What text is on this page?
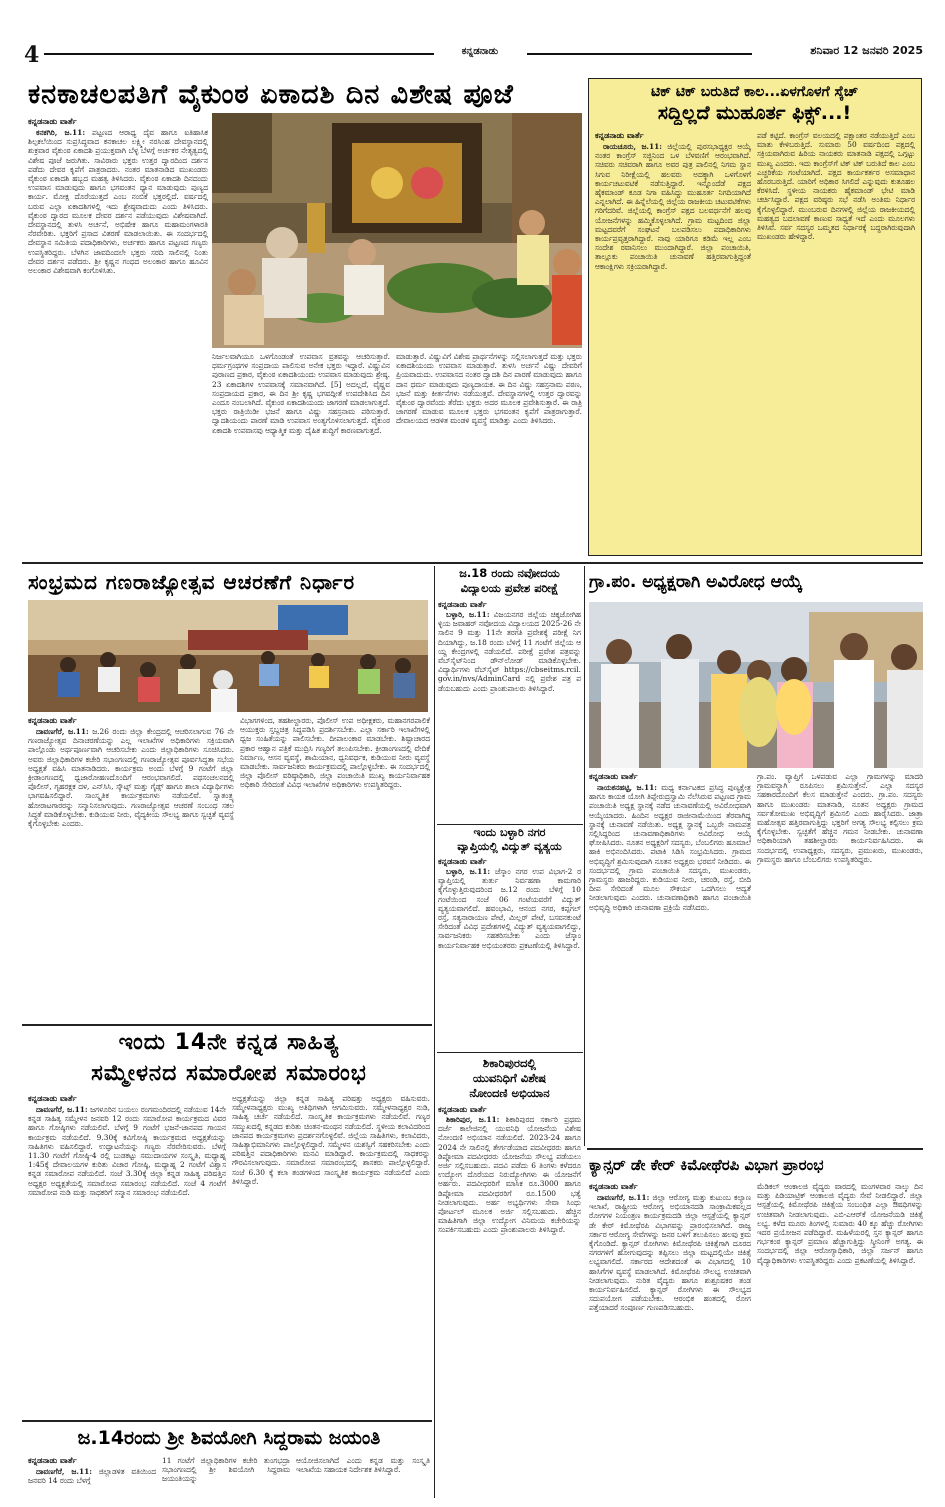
4	ಕನ್ನಡನಾಡು	ಶನಿವಾರ 12 ಜನವರಿ 2025
ಕನಕಾಚಲಪತಿಗೆ ವೈಕುಂಠ ಏಕಾದಶಿ ದಿನ ವಿಶೇಷ ಪೂಜೆ
ಕನ್ನಡನಾಡು ವಾರ್ತೆ

ಕನಕಗಿರಿ, ಜ.11: ಪಟ್ಟಣದ ಆರಾಧ್ಯ ದೈವ ಹಾಗೂ ಐತಿಹಾಸಿಕ ಶಿಲ್ಪಕಲೆಯಿಂದ ಸುಪ್ರಸಿದ್ಧವಾದ ಕನಕಾಚಲ ಲಕ್ಷ್ಮೀ ನರಸಿಂಹ ದೇವಸ್ಥಾನದಲ್ಲಿ ಶುಕ್ರವಾರ ವೈಕುಂಠ ಏಕಾದಶಿ ಪ್ರಯುಕ್ತವಾಗಿ ಬೆಳ್ಳ ಬೆಳಗ್ಗೆ ಅರ್ಚಕರ ನೇತೃತ್ವದಲ್ಲಿ ವಿಶೇಷ ಪೂಜೆ ಜರುಗಿತು. ಸಾವಿರಾರು ಭಕ್ತರು ಉತ್ತರ ದ್ವಾರದಿಂದ ದರ್ಶನ ಪಡೆದು ದೇವರ ಕೃಪೆಗೆ ಪಾತ್ರರಾದರು. ನಂತರ ಮಾತನಾಡಿದ ಮುಖಂಡರು ವೈಕುಂಠ ಏಕಾದಶಿ ಹಬ್ಬದ ಮಹತ್ವ ತಿಳಿಸಿದರು. ವೈಕುಂಠ ಏಕಾದಶಿ ದಿನದಂದು ಉಪವಾಸ ಮಾಡುವುದು ಹಾಗೂ ಭಗವಂತನ ಧ್ಯಾನ ಮಾಡುವುದು ಪುಣ್ಯದ ಕಾರ್ಯ. ಮೋಕ್ಷ ದೊರೆಯುತ್ತದೆ ಎಂಬ ನಂಬಿಕೆ ಭಕ್ತರಲ್ಲಿದೆ. ವರ್ಷದಲ್ಲಿ ಬರುವ ಎಲ್ಲಾ ಏಕಾದಶಿಗಳಲ್ಲಿ ಇದು ಶ್ರೇಷ್ಠವಾದುದು ಎಂದು ತಿಳಿಸಿದರು. ವೈಕುಂಠ ದ್ವಾರದ ಮೂಲಕ ದೇವರ ದರ್ಶನ ಪಡೆಯುವುದು ವಿಶೇಷವಾಗಿದೆ. ದೇವಸ್ಥಾನದಲ್ಲಿ ತುಳಸಿ ಅರ್ಚನೆ, ಅಭಿಷೇಕ ಹಾಗೂ ಮಹಾಮಂಗಳಾರತಿ ನೆರವೇರಿತು. ಭಕ್ತರಿಗೆ ಪ್ರಸಾದ ವಿತರಣೆ ಮಾಡಲಾಯಿತು. ಈ ಸಂದರ್ಭದಲ್ಲಿ ದೇವಸ್ಥಾನ ಸಮಿತಿಯ ಪದಾಧಿಕಾರಿಗಳು, ಅರ್ಚಕರು ಹಾಗೂ ಪಟ್ಟಣದ ಗಣ್ಯರು ಉಪಸ್ಥಿತರಿದ್ದರು. ಬೆಳಗಿನ ಜಾವದಿಂದಲೇ ಭಕ್ತರು ಸರದಿ ಸಾಲಿನಲ್ಲಿ ನಿಂತು ದೇವರ ದರ್ಶನ ಪಡೆದರು. ಶ್ರೀ ಕೃಷ್ಣನ ಗಂಧದ ಅಲಂಕಾರ ಹಾಗೂ ಹೂವಿನ ಅಲಂಕಾರ ವಿಶೇಷವಾಗಿ ಕಂಗೊಳಿಸಿತು.

ನಿರ್ಜಲವಾಗಿಯೂ ಒಳಗೊಂಡಂತೆ ಉಪವಾಸ ವ್ರತವನ್ನು ಆಚರಿಸುತ್ತಾರೆ. ಧರ್ಮಗ್ರಂಥಗಳ ಸಂಪ್ರದಾಯ ಪಾಲಿಸುವ ಅನೇಕ ಭಕ್ತರು ಇದ್ದಾರೆ. ವಿಷ್ಣುವಿನ ಪುರಾಣದ ಪ್ರಕಾರ, ವೈಕುಂಠ ಏಕಾದಶಿಯಂದು ಉಪವಾಸ ಮಾಡುವುದು ಶ್ರೇಷ್ಠ. 23 ಏಕಾದಶಿಗಳ ಉಪವಾಸಕ್ಕೆ ಸಮಾನವಾಗಿದೆ. [5] ಅದಲ್ಲದೆ, ವೈಷ್ಣವ ಸಂಪ್ರದಾಯದ ಪ್ರಕಾರ, ಈ ದಿನ ಶ್ರೀ ಕೃಷ್ಣ ಭಗವದ್ಗೀತೆ ಉಪದೇಶಿಸಿದ ದಿನ ಎಂದೂ ನಂಬಲಾಗಿದೆ. ವೈಕುಂಠ ಏಕಾದಶಿಯಂದು ಜಾಗರಣೆ ಮಾಡಲಾಗುತ್ತದೆ. ಭಕ್ತರು ರಾತ್ರಿಯಿಡೀ ಭಜನೆ ಹಾಗೂ ವಿಷ್ಣು ಸಹಸ್ರನಾಮ ಪಠಿಸುತ್ತಾರೆ. ದ್ವಾದಶಿಯಂದು ಪಾರಣೆ ಮಾಡಿ ಉಪವಾಸ ಅಂತ್ಯಗೊಳಿಸಲಾಗುತ್ತದೆ. ವೈಕುಂಠ ಏಕಾದಶಿ ಉಪವಾಸವು ಆಧ್ಯಾತ್ಮಿಕ ಮತ್ತು ದೈಹಿಕ ಶುದ್ಧಿಗೆ ಕಾರಣವಾಗುತ್ತದೆ.
ಮಾಡುತ್ತಾರೆ. ವಿಷ್ಣುವಿಗೆ ವಿಶೇಷ ಪ್ರಾರ್ಥನೆಗಳನ್ನು ಸಲ್ಲಿಸಲಾಗುತ್ತದೆ ಮತ್ತು ಭಕ್ತರು ಏಕಾದಶಿಯಂದು ಉಪವಾಸ ಮಾಡುತ್ತಾರೆ. ತುಳಸಿ ಅರ್ಚನೆ ವಿಷ್ಣು ದೇವರಿಗೆ ಪ್ರಿಯವಾದುದು. ಉಪವಾಸದ ನಂತರ ದ್ವಾದಶಿ ದಿನ ಪಾರಣೆ ಮಾಡುವುದು ಹಾಗೂ ದಾನ ಧರ್ಮ ಮಾಡುವುದು ಪುಣ್ಯದಾಯಕ. ಈ ದಿನ ವಿಷ್ಣು ಸಹಸ್ರನಾಮ ಪಠಣ, ಭಜನೆ ಮತ್ತು ಕೀರ್ತನೆಗಳು ನಡೆಯುತ್ತವೆ. ದೇವಸ್ಥಾನಗಳಲ್ಲಿ ಉತ್ತರ ದ್ವಾರವನ್ನು ವೈಕುಂಠ ದ್ವಾರವೆಂದು ತೆರೆದು ಭಕ್ತರು ಅದರ ಮೂಲಕ ಪ್ರವೇಶಿಸುತ್ತಾರೆ. ಈ ರಾತ್ರಿ ಜಾಗರಣೆ ಮಾಡುವ ಮೂಲಕ ಭಕ್ತರು ಭಗವಂತನ ಕೃಪೆಗೆ ಪಾತ್ರರಾಗುತ್ತಾರೆ. ದೇವಾಲಯದ ಆಡಳಿತ ಮಂಡಳಿ ವ್ಯವಸ್ಥೆ ಮಾಡಿತ್ತು ಎಂದು ತಿಳಿಸಿದರು.
ಟಿಕ್ ಟಿಕ್ ಬರುತಿದೆ ಕಾಲ...ಏಳಗೊಳಗೆ ಸ್ಕೆಚ್
ಸದ್ದಿಲ್ಲದೆ ಮುಹೂರ್ತ ಫಿಕ್ಸ್...!
ಕನ್ನಡನಾಡು ವಾರ್ತೆ

ರಾಯಚೂರು, ಜ.11: ಜಿಲ್ಲೆಯಲ್ಲಿ ಪುರಸಭಾಧ್ಯಕ್ಷರ ಆಯ್ಕೆ ನಂತರ ಕಾಂಗ್ರೆಸ್ ಸಜ್ಜಿನಿಂದ ಒಳ ಬೆಳವಣಿಗೆ ಆರಂಭವಾಗಿದೆ. ಸಚಿವರು ಸಚಿವರಾಗಿ ಹಾಗೂ ಅವರ ಪುತ್ರ ಪಾಲಿನಲ್ಲಿ ನಿಗಮ ಸ್ಥಾನ ಸಿಗುವ ನಿರೀಕ್ಷೆಯಲ್ಲಿ ಹಲವರು ಅದಕ್ಕಾಗಿ ಒಳಗೊಳಗೆ ಕಾರ್ಯಚಟುವಟಿಕೆ ನಡೆಸುತ್ತಿದ್ದಾರೆ. ಇನ್ನೊಂದೆಡೆ ಪಕ್ಷದ ಹೈಕಮಾಂಡ್ ಕೂಡ ನಿಗಾ ವಹಿಸಿದ್ದು ಮುಹೂರ್ತ ನಿಗದಿಯಾಗಿದೆ ಎನ್ನಲಾಗಿದೆ. ಈ ಹಿನ್ನೆಲೆಯಲ್ಲಿ ಜಿಲ್ಲೆಯ ರಾಜಕೀಯ ಚಟುವಟಿಕೆಗಳು ಗರಿಗೆದರಿವೆ. ಜಿಲ್ಲೆಯಲ್ಲಿ ಕಾಂಗ್ರೆಸ್ ಪಕ್ಷದ ಬಲವರ್ಧನೆಗೆ ಹಲವು ಯೋಜನೆಗಳನ್ನು ಹಮ್ಮಿಕೊಳ್ಳಲಾಗಿದೆ. ಗ್ರಾಮ ಮಟ್ಟದಿಂದ ಜಿಲ್ಲಾ ಮಟ್ಟದವರೆಗೆ ಸಂಘಟನೆ ಬಲಪಡಿಸಲು ಪದಾಧಿಕಾರಿಗಳು ಕಾರ್ಯಪ್ರವೃತ್ತರಾಗಿದ್ದಾರೆ. ನಾವು ಯಾರಿಗೂ ಕಡಿಮೆ ಇಲ್ಲ ಎಂಬ ಸಂದೇಶ ರವಾನಿಸಲು ಮುಂದಾಗಿದ್ದಾರೆ. ಜಿಲ್ಲಾ ಪಂಚಾಯಿತಿ, ತಾಲ್ಲೂಕು ಪಂಚಾಯಿತಿ ಚುನಾವಣೆ ಹತ್ತಿರವಾಗುತ್ತಿದ್ದಂತೆ ಆಕಾಂಕ್ಷಿಗಳು ಸಕ್ರಿಯರಾಗಿದ್ದಾರೆ.

ಪಡೆ ಕಟ್ಟಿದೆ. ಕಾಂಗ್ರೆಸ್ ವಲಯದಲ್ಲಿ ಪಕ್ಷಾಂತರ ನಡೆಯುತ್ತಿದೆ ಎಂಬ ಮಾತು ಕೇಳಿಬರುತ್ತಿದೆ. ಸುಮಾರು 50 ವರ್ಷದಿಂದ ಪಕ್ಷದಲ್ಲಿ ಸಕ್ರಿಯವಾಗಿರುವ ಹಿರಿಯ ನಾಯಕರು ಮಾತನಾಡಿ ಪಕ್ಷದಲ್ಲಿ ಒಗ್ಗಟ್ಟು ಮುಖ್ಯ ಎಂದರು. ಇದು ಕಾಂಗ್ರೆಸ್‌ಗೆ ಟಿಕ್ ಟಿಕ್ ಬರುತಿದೆ ಕಾಲ ಎಂಬ ಎಚ್ಚರಿಕೆಯ ಗಂಟೆಯಾಗಿದೆ. ಪಕ್ಷದ ಕಾರ್ಯಕರ್ತರ ಅಸಮಾಧಾನ ಹೊರಬರುತ್ತಿದೆ. ಯಾರಿಗೆ ಅಧಿಕಾರ ಸಿಗಲಿದೆ ಎನ್ನುವುದು ಕುತೂಹಲ ಕೆರಳಿಸಿದೆ. ಸ್ಥಳೀಯ ನಾಯಕರು ಹೈಕಮಾಂಡ್ ಭೇಟಿ ಮಾಡಿ ಚರ್ಚಿಸಿದ್ದಾರೆ. ಪಕ್ಷದ ವರಿಷ್ಠರು ಸಭೆ ನಡೆಸಿ ಅಂತಿಮ ನಿರ್ಧಾರ ಕೈಗೊಳ್ಳಲಿದ್ದಾರೆ. ಮುಂಬರುವ ದಿನಗಳಲ್ಲಿ ಜಿಲ್ಲೆಯ ರಾಜಕೀಯದಲ್ಲಿ ಮಹತ್ವದ ಬದಲಾವಣೆ ಕಾಣುವ ಸಾಧ್ಯತೆ ಇದೆ ಎಂದು ಮೂಲಗಳು ತಿಳಿಸಿವೆ. ಸರ್ವ ಸದಸ್ಯರ ಒಮ್ಮತದ ನಿರ್ಧಾರಕ್ಕೆ ಬದ್ಧರಾಗಿರುವುದಾಗಿ ಮುಖಂಡರು ಹೇಳಿದ್ದಾರೆ.
ಸಂಭ್ರಮದ ಗಣರಾಜ್ಯೋತ್ಸವ ಆಚರಣೆಗೆ ನಿರ್ಧಾರ
ಕನ್ನಡನಾಡು ವಾರ್ತೆ

ದಾವಣಗೆರೆ, ಜ.11: ಜ.26 ರಂದು ಜಿಲ್ಲಾ ಕೇಂದ್ರದಲ್ಲಿ ಆಚರಿಸಲಾಗುವ 76 ನೇ ಗಣರಾಜ್ಯೋತ್ಸವ ದಿನಾಚರಣೆಯನ್ನು ಎಲ್ಲ ಇಲಾಖೆಗಳ ಅಧಿಕಾರಿಗಳು ಸಕ್ರಿಯವಾಗಿ ಪಾಲ್ಗೊಂಡು ಅರ್ಥಪೂರ್ಣವಾಗಿ ಆಚರಿಸಬೇಕು ಎಂದು ಜಿಲ್ಲಾಧಿಕಾರಿಗಳು ಸೂಚಿಸಿದರು. ಅವರು ಜಿಲ್ಲಾಧಿಕಾರಿಗಳ ಕಚೇರಿ ಸಭಾಂಗಣದಲ್ಲಿ ಗಣರಾಜ್ಯೋತ್ಸವ ಪೂರ್ವಸಿದ್ಧತಾ ಸಭೆಯ ಅಧ್ಯಕ್ಷತೆ ವಹಿಸಿ ಮಾತನಾಡಿದರು. ಕಾರ್ಯಕ್ರಮ ಅಂದು ಬೆಳಗ್ಗೆ 9 ಗಂಟೆಗೆ ಜಿಲ್ಲಾ ಕ್ರೀಡಾಂಗಣದಲ್ಲಿ ಧ್ವಜಾರೋಹಣದೊಂದಿಗೆ ಆರಂಭವಾಗಲಿದೆ. ಪಥಸಂಚಲನದಲ್ಲಿ ಪೊಲೀಸ್, ಗೃಹರಕ್ಷಕ ದಳ, ಎನ್‌ಸಿಸಿ, ಸ್ಕೌಟ್ಸ್ ಮತ್ತು ಗೈಡ್ಸ್ ಹಾಗೂ ಶಾಲಾ ವಿದ್ಯಾರ್ಥಿಗಳು ಭಾಗವಹಿಸಲಿದ್ದಾರೆ. ಸಾಂಸ್ಕೃತಿಕ ಕಾರ್ಯಕ್ರಮಗಳು ನಡೆಯಲಿವೆ. ಸ್ವಾತಂತ್ರ್ಯ ಹೋರಾಟಗಾರರನ್ನು ಸನ್ಮಾನಿಸಲಾಗುವುದು. ಗಣರಾಜ್ಯೋತ್ಸವ ಆಚರಣೆ ಸಂಬಂಧ ಸಕಲ ಸಿದ್ಧತೆ ಮಾಡಿಕೊಳ್ಳಬೇಕು. ಕುಡಿಯುವ ನೀರು, ವೈದ್ಯಕೀಯ ಸೌಲಭ್ಯ ಹಾಗೂ ಸ್ವಚ್ಛತೆ ವ್ಯವಸ್ಥೆ ಕೈಗೊಳ್ಳಬೇಕು ಎಂದರು.

ವಿಭಾಗಗಳಿಂದ, ತಹಶೀಲ್ದಾರರು, ಪೊಲೀಸ್ ಉಪ ಅಧೀಕ್ಷಕರು, ಮಹಾನಗರಪಾಲಿಕೆ ಆಯುಕ್ತರು ಸ್ತಬ್ದಚಿತ್ರ ಸಿದ್ಧಪಡಿಸಿ ಪ್ರದರ್ಶಿಸಬೇಕು. ಎಲ್ಲಾ ಸರ್ಕಾರಿ ಇಲಾಖೆಗಳಲ್ಲಿ ಧ್ವಜ ಸಂಹಿತೆಯನ್ನು ಪಾಲಿಸಬೇಕು. ದೀಪಾಲಂಕಾರ ಮಾಡಬೇಕು. ಶಿಷ್ಟಾಚಾರದ ಪ್ರಕಾರ ಆಹ್ವಾನ ಪತ್ರಿಕೆ ಮುದ್ರಿಸಿ ಗಣ್ಯರಿಗೆ ತಲುಪಿಸಬೇಕು. ಕ್ರೀಡಾಂಗಣದಲ್ಲಿ ವೇದಿಕೆ ನಿರ್ಮಾಣ, ಆಸನ ವ್ಯವಸ್ಥೆ, ಶಾಮಿಯಾನ, ಧ್ವನಿವರ್ಧಕ, ಕುಡಿಯುವ ನೀರು ವ್ಯವಸ್ಥೆ ಮಾಡಬೇಕು. ಸಾರ್ವಜನಿಕರು ಕಾರ್ಯಕ್ರಮದಲ್ಲಿ ಪಾಲ್ಗೊಳ್ಳಬೇಕು. ಈ ಸಂದರ್ಭದಲ್ಲಿ ಜಿಲ್ಲಾ ಪೊಲೀಸ್ ವರಿಷ್ಠಾಧಿಕಾರಿ, ಜಿಲ್ಲಾ ಪಂಚಾಯಿತಿ ಮುಖ್ಯ ಕಾರ್ಯನಿರ್ವಾಹಕ ಅಧಿಕಾರಿ ಸೇರಿದಂತೆ ವಿವಿಧ ಇಲಾಖೆಗಳ ಅಧಿಕಾರಿಗಳು ಉಪಸ್ಥಿತರಿದ್ದರು.
ಜ.18 ರಂದು ನವೋದಯ
ವಿದ್ಯಾಲಯ ಪ್ರವೇಶ ಪರೀಕ್ಷೆ
ಕನ್ನಡನಾಡು ವಾರ್ತೆ

ಬಳ್ಳಾರಿ, ಜ.11: ವಿಜಯನಗರ ಜಿಲ್ಲೆಯ ಚಿಕ್ಕಜೋಗಿಹಳ್ಳಿಯ ಜವಾಹರ್ ನವೋದಯ ವಿದ್ಯಾಲಯದ 2025-26 ನೇ ಸಾಲಿನ 9 ಮತ್ತು 11ನೇ ತರಗತಿ ಪ್ರವೇಶಕ್ಕೆ ಪರೀಕ್ಷೆ ನಿಗದಿಯಾಗಿದ್ದು, ಜ.18 ರಂದು ಬೆಳಿಗ್ಗೆ 11 ಗಂಟೆಗೆ ಜಿಲ್ಲೆಯ ಆಯ್ದ ಕೇಂದ್ರಗಳಲ್ಲಿ ನಡೆಯಲಿದೆ. ಪರೀಕ್ಷೆ ಪ್ರವೇಶ ಪತ್ರವನ್ನು ವೆಬ್‌ಸೈಟ್‌ನಿಂದ ಡೌನ್‌ಲೋಡ್ ಮಾಡಿಕೊಳ್ಳಬೇಕು. ವಿದ್ಯಾರ್ಥಿಗಳು ವೆಬ್‌ಸೈಟ್ https://cbseitms.rcil.gov.in/nvs/AdminCard ನಲ್ಲಿ ಪ್ರವೇಶ ಪತ್ರ ಪಡೆಯಬಹುದು ಎಂದು ಪ್ರಾಂಶುಪಾಲರು ತಿಳಿಸಿದ್ದಾರೆ.

ಇಂದು ಬಳ್ಳಾರಿ ನಗರ
ವ್ಯಾಪ್ತಿಯಲ್ಲಿ ವಿದ್ಯುತ್ ವ್ಯತ್ಯಯ
ಕನ್ನಡನಾಡು ವಾರ್ತೆ

ಬಳ್ಳಾರಿ, ಜ.11: ಜೆಸ್ಕಾಂ ನಗರ ಉಪ ವಿಭಾಗ-2 ರ ವ್ಯಾಪ್ತಿಯಲ್ಲಿ ತುರ್ತು ನಿರ್ವಹಣಾ ಕಾಮಗಾರಿ ಕೈಗೊಳ್ಳುತ್ತಿರುವುದರಿಂದ ಜ.12 ರಂದು ಬೆಳಿಗ್ಗೆ 10 ಗಂಟೆಯಿಂದ ಸಂಜೆ 06 ಗಂಟೆಯವರೆಗೆ ವಿದ್ಯುತ್ ವ್ಯತ್ಯಯವಾಗಲಿದೆ. ಹವಂಭಾವಿ, ಆನಂದ ನಗರ, ಕಪ್ಪಗಲ್ ರಸ್ತೆ, ಸತ್ಯನಾರಾಯಣ ಪೇಟೆ, ಮಿಲ್ಲರ್ ಪೇಟೆ, ಬಸವನಕುಂಟೆ ಸೇರಿದಂತೆ ವಿವಿಧ ಪ್ರದೇಶಗಳಲ್ಲಿ ವಿದ್ಯುತ್ ವ್ಯತ್ಯಯವಾಗಲಿದ್ದು, ಸಾರ್ವಜನಿಕರು ಸಹಕರಿಸಬೇಕು ಎಂದು ಜೆಸ್ಕಾಂ ಕಾರ್ಯನಿರ್ವಾಹಕ ಅಭಿಯಂತರರು ಪ್ರಕಟಣೆಯಲ್ಲಿ ತಿಳಿಸಿದ್ದಾರೆ.

ಶಿಕಾರಿಪುರದಲ್ಲಿ
ಯುವನಿಧಿಗೆ ವಿಶೇಷ
ನೋಂದಣಿ ಅಭಿಯಾನ
ಕನ್ನಡನಾಡು ವಾರ್ತೆ

ಶಿಕಾರಿಪುರ, ಜ.11: ಶಿಕಾರಿಪುರದ ಸರ್ಕಾರಿ ಪ್ರಥಮ ದರ್ಜೆ ಕಾಲೇಜಿನಲ್ಲಿ ಯುವನಿಧಿ ಯೋಜನೆಯ ವಿಶೇಷ ನೋಂದಣಿ ಅಭಿಯಾನ ನಡೆಯಲಿದೆ. 2023-24 ಹಾಗೂ 2024 ನೇ ಸಾಲಿನಲ್ಲಿ ತೇರ್ಗಡೆಯಾದ ಪದವೀಧರರು ಹಾಗೂ ಡಿಪ್ಲೋಮಾ ಪದವೀಧರರು ಯೋಜನೆಯ ಸೌಲಭ್ಯ ಪಡೆಯಲು ಅರ್ಜಿ ಸಲ್ಲಿಸಬಹುದು. ಪದವಿ ಪಡೆದು 6 ತಿಂಗಳು ಕಳೆದರೂ ಉದ್ಯೋಗ ದೊರೆಯದ ನಿರುದ್ಯೋಗಿಗಳು ಈ ಯೋಜನೆಗೆ ಅರ್ಹರು. ಪದವೀಧರರಿಗೆ ಮಾಸಿಕ ರೂ.3000 ಹಾಗೂ ಡಿಪ್ಲೋಮಾ ಪದವೀಧರರಿಗೆ ರೂ.1500 ಭತ್ಯೆ ನೀಡಲಾಗುವುದು. ಅರ್ಹ ಅಭ್ಯರ್ಥಿಗಳು ಸೇವಾ ಸಿಂಧು ಪೋರ್ಟಲ್ ಮೂಲಕ ಅರ್ಜಿ ಸಲ್ಲಿಸಬಹುದು. ಹೆಚ್ಚಿನ ಮಾಹಿತಿಗಾಗಿ ಜಿಲ್ಲಾ ಉದ್ಯೋಗ ವಿನಿಮಯ ಕಚೇರಿಯನ್ನು ಸಂಪರ್ಕಿಸಬಹುದು ಎಂದು ಪ್ರಾಂಶುಪಾಲರು ತಿಳಿಸಿದ್ದಾರೆ.

ಗ್ರಾ.ಪಂ. ಅಧ್ಯಕ್ಷರಾಗಿ ಅವಿರೋಧ ಆಯ್ಕೆ
ಕನ್ನಡನಾಡು ವಾರ್ತೆ

ನಾಯಕನಹಟ್ಟಿ, ಜ.11: ಮಧ್ಯ ಕರ್ನಾಟಕದ ಪ್ರಸಿದ್ಧ ಪುಣ್ಯಕ್ಷೇತ್ರ ಹಾಗೂ ಕಾಯಕ ಯೋಗಿ ತಿಪ್ಪೇರುದ್ರಸ್ವಾಮಿ ನೆಲೆಸಿರುವ ಪಟ್ಟಣದ ಗ್ರಾಮ ಪಂಚಾಯಿತಿ ಅಧ್ಯಕ್ಷ ಸ್ಥಾನಕ್ಕೆ ನಡೆದ ಚುನಾವಣೆಯಲ್ಲಿ ಅವಿರೋಧವಾಗಿ ಆಯ್ಕೆಯಾದರು. ಹಿಂದಿನ ಅಧ್ಯಕ್ಷರ ರಾಜೀನಾಮೆಯಿಂದ ತೆರವಾಗಿದ್ದ ಸ್ಥಾನಕ್ಕೆ ಚುನಾವಣೆ ನಡೆಯಿತು. ಅಧ್ಯಕ್ಷ ಸ್ಥಾನಕ್ಕೆ ಒಬ್ಬರೇ ನಾಮಪತ್ರ ಸಲ್ಲಿಸಿದ್ದರಿಂದ ಚುನಾವಣಾಧಿಕಾರಿಗಳು ಅವಿರೋಧ ಆಯ್ಕೆ ಘೋಷಿಸಿದರು. ನೂತನ ಅಧ್ಯಕ್ಷರಿಗೆ ಸದಸ್ಯರು, ಬೆಂಬಲಿಗರು ಹೂಮಾಲೆ ಹಾಕಿ ಅಭಿನಂದಿಸಿದರು. ಪಟಾಕಿ ಸಿಡಿಸಿ ಸಂಭ್ರಮಿಸಿದರು. ಗ್ರಾಮದ ಅಭಿವೃದ್ಧಿಗೆ ಶ್ರಮಿಸುವುದಾಗಿ ನೂತನ ಅಧ್ಯಕ್ಷರು ಭರವಸೆ ನೀಡಿದರು. ಈ ಸಂದರ್ಭದಲ್ಲಿ ಗ್ರಾಮ ಪಂಚಾಯಿತಿ ಸದಸ್ಯರು, ಮುಖಂಡರು, ಗ್ರಾಮಸ್ಥರು ಹಾಜರಿದ್ದರು. ಕುಡಿಯುವ ನೀರು, ಚರಂಡಿ, ರಸ್ತೆ, ಬೀದಿ ದೀಪ ಸೇರಿದಂತೆ ಮೂಲ ಸೌಕರ್ಯ ಒದಗಿಸಲು ಆದ್ಯತೆ ನೀಡಲಾಗುವುದು ಎಂದರು. ಚುನಾವಣಾಧಿಕಾರಿ ಹಾಗೂ ಪಂಚಾಯಿತಿ ಅಭಿವೃದ್ಧಿ ಅಧಿಕಾರಿ ಚುನಾವಣಾ ಪ್ರಕ್ರಿಯೆ ನಡೆಸಿದರು.

ಗ್ರಾ.ಪಂ. ವ್ಯಾಪ್ತಿಗೆ ಒಳಪಡುವ ಎಲ್ಲಾ ಗ್ರಾಮಗಳನ್ನು ಮಾದರಿ ಗ್ರಾಮವನ್ನಾಗಿ ರೂಪಿಸಲು ಶ್ರಮಿಸುತ್ತೇನೆ. ಎಲ್ಲಾ ಸದಸ್ಯರ ಸಹಕಾರದೊಂದಿಗೆ ಕೆಲಸ ಮಾಡುತ್ತೇನೆ ಎಂದರು. ಗ್ರಾ.ಪಂ. ಸದಸ್ಯರು ಹಾಗೂ ಮುಖಂಡರು ಮಾತನಾಡಿ, ನೂತನ ಅಧ್ಯಕ್ಷರು ಗ್ರಾಮದ ಸರ್ವತೋಮುಖ ಅಭಿವೃದ್ಧಿಗೆ ಶ್ರಮಿಸಲಿ ಎಂದು ಹಾರೈಸಿದರು. ಜಾತ್ರಾ ಮಹೋತ್ಸವ ಹತ್ತಿರವಾಗುತ್ತಿದ್ದು ಭಕ್ತರಿಗೆ ಅಗತ್ಯ ಸೌಲಭ್ಯ ಕಲ್ಪಿಸಲು ಕ್ರಮ ಕೈಗೊಳ್ಳಬೇಕು. ಸ್ವಚ್ಛತೆಗೆ ಹೆಚ್ಚಿನ ಗಮನ ನೀಡಬೇಕು. ಚುನಾವಣಾ ಅಧಿಕಾರಿಯಾಗಿ ತಹಶೀಲ್ದಾರರು ಕಾರ್ಯನಿರ್ವಹಿಸಿದರು. ಈ ಸಂದರ್ಭದಲ್ಲಿ ಉಪಾಧ್ಯಕ್ಷರು, ಸದಸ್ಯರು, ಪ್ರಮುಖರು, ಮುಖಂಡರು, ಗ್ರಾಮಸ್ಥರು ಹಾಗೂ ಬೆಂಬಲಿಗರು ಉಪಸ್ಥಿತರಿದ್ದರು.
ಇಂದು 14ನೇ ಕನ್ನಡ ಸಾಹಿತ್ಯ
ಸಮ್ಮೇಳನದ ಸಮಾರೋಪ ಸಮಾರಂಭ
ಕನ್ನಡನಾಡು ವಾರ್ತೆ

ದಾವಣಗೆರೆ, ಜ.11: ಜಗಳೂರಿನ ಬಯಲು ರಂಗಮಂದಿರದಲ್ಲಿ ನಡೆಯುವ 14ನೇ ಕನ್ನಡ ಸಾಹಿತ್ಯ ಸಮ್ಮೇಳನ ಜನವರಿ 12 ರಂದು ಸಮಾರೋಪ ಕಾರ್ಯಕ್ರಮದ ವಿವರ ಹಾಗೂ ಗೋಷ್ಠಿಗಳು ನಡೆಯಲಿವೆ. ಬೆಳಗ್ಗೆ 9 ಗಂಟೆಗೆ ಭಜನೆ-ಜಾನಪದ ಗಾಯನ ಕಾರ್ಯಕ್ರಮ ನಡೆಯಲಿದೆ. 9.30ಕ್ಕೆ ಕವಿಗೋಷ್ಠಿ ಕಾರ್ಯಕ್ರಮದ ಅಧ್ಯಕ್ಷತೆಯನ್ನು ಸಾಹಿತಿಗಳು ವಹಿಸಲಿದ್ದಾರೆ. ಉದ್ಘಾಟನೆಯನ್ನು ಗಣ್ಯರು ನೆರವೇರಿಸುವರು. ಬೆಳಗ್ಗೆ 11.30 ಗಂಟೆಗೆ ಗೋಷ್ಠಿ-4 ರಲ್ಲಿ ಬುಡಕಟ್ಟು ಸಮುದಾಯಗಳ ಸಂಸ್ಕೃತಿ, ಮಧ್ಯಾಹ್ನ 1:45ಕ್ಕೆ ದೇವಾಲಯಗಳ ಕುರಿತು ವಿಚಾರ ಗೋಷ್ಠಿ, ಮಧ್ಯಾಹ್ನ 2 ಗಂಟೆಗೆ ವಿಶ್ವಾಸ ಕನ್ನಡ ಸಮಾರೋಪ ನಡೆಯಲಿದೆ. ಸಂಜೆ 3.30ಕ್ಕೆ ಜಿಲ್ಲಾ ಕನ್ನಡ ಸಾಹಿತ್ಯ ಪರಿಷತ್ತಿನ ಅಧ್ಯಕ್ಷರ ಅಧ್ಯಕ್ಷತೆಯಲ್ಲಿ ಸಮಾರೋಪ ಸಮಾರಂಭ ನಡೆಯಲಿದೆ. ಸಂಜೆ 4 ಗಂಟೆಗೆ ಸಮಾರೋಪ ನುಡಿ ಮತ್ತು ಸಾಧಕರಿಗೆ ಸನ್ಮಾನ ಸಮಾರಂಭ ನಡೆಯಲಿದೆ.

ಅಧ್ಯಕ್ಷತೆಯನ್ನು ಜಿಲ್ಲಾ ಕನ್ನಡ ಸಾಹಿತ್ಯ ಪರಿಷತ್ತು ಅಧ್ಯಕ್ಷರು ವಹಿಸುವರು. ಸಮ್ಮೇಳನಾಧ್ಯಕ್ಷರು ಮುಖ್ಯ ಅತಿಥಿಗಳಾಗಿ ಆಗಮಿಸುವರು. ಸಮ್ಮೇಳನಾಧ್ಯಕ್ಷರ ನುಡಿ, ಸಾಹಿತ್ಯ ಚರ್ಚೆ ನಡೆಯಲಿದೆ. ಸಾಂಸ್ಕೃತಿಕ ಕಾರ್ಯಕ್ರಮಗಳು ನಡೆಯಲಿವೆ. ಗಣ್ಯರ ಸಮ್ಮುಖದಲ್ಲಿ ಕನ್ನಡದ ಕುರಿತು ಚಿಂತನ-ಮಂಥನ ನಡೆಯಲಿದೆ. ಸ್ಥಳೀಯ ಕಲಾವಿದರಿಂದ ಜಾನಪದ ಕಾರ್ಯಕ್ರಮಗಳು ಪ್ರದರ್ಶನಗೊಳ್ಳಲಿವೆ. ಜಿಲ್ಲೆಯ ಸಾಹಿತಿಗಳು, ಕಲಾವಿದರು, ಸಾಹಿತ್ಯಾಭಿಮಾನಿಗಳು ಪಾಲ್ಗೊಳ್ಳಲಿದ್ದಾರೆ. ಸಮ್ಮೇಳನ ಯಶಸ್ವಿಗೆ ಸಹಕರಿಸಬೇಕು ಎಂದು ಪರಿಷತ್ತಿನ ಪದಾಧಿಕಾರಿಗಳು ಮನವಿ ಮಾಡಿದ್ದಾರೆ. ಕಾರ್ಯಕ್ರಮದಲ್ಲಿ ಸಾಧಕರನ್ನು ಗೌರವಿಸಲಾಗುವುದು. ಸಮಾರೋಪ ಸಮಾರಂಭದಲ್ಲಿ ಶಾಸಕರು ಪಾಲ್ಗೊಳ್ಳಲಿದ್ದಾರೆ. ಸಂಜೆ 6.30 ಕ್ಕೆ ಕಲಾ ತಂಡಗಳಿಂದ ಸಾಂಸ್ಕೃತಿಕ ಕಾರ್ಯಕ್ರಮ ನಡೆಯಲಿದೆ ಎಂದು ತಿಳಿಸಿದ್ದಾರೆ.
ಜ.14ರಂದು ಶ್ರೀ ಶಿವಯೋಗಿ ಸಿದ್ದರಾಮ ಜಯಂತಿ
ಕನ್ನಡನಾಡು ವಾರ್ತೆ

ದಾವಣಗೆರೆ, ಜ.11: ಜಿಲ್ಲಾಡಳಿತ ವತಿಯಿಂದ ಜನವರಿ 14 ರಂದು ಬೆಳಗ್ಗೆ

11 ಗಂಟೆಗೆ ಜಿಲ್ಲಾಧಿಕಾರಿಗಳ ಕಚೇರಿ ತುಂಗಭದ್ರಾ ಸಭಾಂಗಣದಲ್ಲಿ ಶ್ರೀ ಶಿವಯೋಗಿ ಸಿದ್ದರಾಮ ಜಯಂತಿಯನ್ನು
ಆಯೋಜಿಸಲಾಗಿದೆ ಎಂದು ಕನ್ನಡ ಮತ್ತು ಸಂಸ್ಕೃತಿ ಇಲಾಖೆಯ ಸಹಾಯಕ ನಿರ್ದೇಶಕ ತಿಳಿಸಿದ್ದಾರೆ.
ಕ್ಯಾನ್ಸರ್ ಡೇ ಕೇರ್ ಕಿಮೋಥೆರಪಿ ವಿಭಾಗ ಪ್ರಾರಂಭ
ಕನ್ನಡನಾಡು ವಾರ್ತೆ

ದಾವಣಗೆರೆ, ಜ.11: ಜಿಲ್ಲಾ ಆರೋಗ್ಯ ಮತ್ತು ಕುಟುಂಬ ಕಲ್ಯಾಣ ಇಲಾಖೆ, ರಾಷ್ಟ್ರೀಯ ಆರೋಗ್ಯ ಅಭಿಯಾನದಡಿ ಸಾಂಕ್ರಾಮಿಕವಲ್ಲದ ರೋಗಗಳ ನಿಯಂತ್ರಣ ಕಾರ್ಯಕ್ರಮದಡಿ ಜಿಲ್ಲಾ ಆಸ್ಪತ್ರೆಯಲ್ಲಿ ಕ್ಯಾನ್ಸರ್ ಡೇ ಕೇರ್ ಕಿಮೋಥೆರಪಿ ವಿಭಾಗವನ್ನು ಪ್ರಾರಂಭಿಸಲಾಗಿದೆ. ರಾಜ್ಯ ಸರ್ಕಾರ ಆರೋಗ್ಯ ಸೇವೆಗಳನ್ನು ಜನರ ಬಳಿಗೆ ತಲುಪಿಸಲು ಹಲವು ಕ್ರಮ ಕೈಗೊಂಡಿದೆ. ಕ್ಯಾನ್ಸರ್ ರೋಗಿಗಳು ಕಿಮೋಥೆರಪಿ ಚಿಕಿತ್ಸೆಗಾಗಿ ದೂರದ ನಗರಗಳಿಗೆ ಹೋಗುವುದನ್ನು ತಪ್ಪಿಸಲು ಜಿಲ್ಲಾ ಮಟ್ಟದಲ್ಲಿಯೇ ಚಿಕಿತ್ಸೆ ಲಭ್ಯವಾಗಲಿದೆ. ಸರ್ಕಾರದ ಆದೇಶದಂತೆ ಈ ವಿಭಾಗದಲ್ಲಿ 10 ಹಾಸಿಗೆಗಳ ವ್ಯವಸ್ಥೆ ಮಾಡಲಾಗಿದೆ. ಕಿಮೋಥೆರಪಿ ಸೌಲಭ್ಯ ಉಚಿತವಾಗಿ ನೀಡಲಾಗುವುದು. ನುರಿತ ವೈದ್ಯರು ಹಾಗೂ ಶುಶ್ರೂಷಕರ ತಂಡ ಕಾರ್ಯನಿರ್ವಹಿಸಲಿದೆ. ಕ್ಯಾನ್ಸರ್ ರೋಗಿಗಳು ಈ ಸೌಲಭ್ಯದ ಸದುಪಯೋಗ ಪಡೆಯಬೇಕು. ಆರಂಭಿಕ ಹಂತದಲ್ಲಿ ರೋಗ ಪತ್ತೆಯಾದರೆ ಸಂಪೂರ್ಣ ಗುಣಪಡಿಸಬಹುದು.

ಮೆಡಿಕಲ್ ಆಂಕಾಲಜಿ ವೈದ್ಯರು ವಾರದಲ್ಲಿ ಮಂಗಳವಾರ ನಾಲ್ಕು ದಿನ ಮತ್ತು ಪಿಡಿಯಾಟ್ರಿಕ್ ಆಂಕಾಲಜಿ ವೈದ್ಯರು ಸೇವೆ ನೀಡಲಿದ್ದಾರೆ. ಜಿಲ್ಲಾ ಆಸ್ಪತ್ರೆಯಲ್ಲಿ ಕಿಮೋಥೆರಪಿ ಚಿಕಿತ್ಸೆಯ ಸಂಬಂಧಿತ ಎಲ್ಲಾ ಔಷಧಿಗಳನ್ನು ಉಚಿತವಾಗಿ ನೀಡಲಾಗುವುದು. ಎಬಿ-ಎಆರ್‌ಕೆ ಯೋಜನೆಯಡಿ ಚಿಕಿತ್ಸೆ ಲಭ್ಯ. ಕಳೆದ ಮೂರು ತಿಂಗಳಲ್ಲಿ ಸುಮಾರು 40 ಕ್ಕೂ ಹೆಚ್ಚು ರೋಗಿಗಳು ಇದರ ಪ್ರಯೋಜನ ಪಡೆದಿದ್ದಾರೆ. ಮಹಿಳೆಯರಲ್ಲಿ ಸ್ತನ ಕ್ಯಾನ್ಸರ್ ಹಾಗೂ ಗರ್ಭಕಂಠ ಕ್ಯಾನ್ಸರ್ ಪ್ರಮಾಣ ಹೆಚ್ಚಾಗುತ್ತಿದ್ದು ಸ್ಕ್ರೀನಿಂಗ್ ಅಗತ್ಯ. ಈ ಸಂದರ್ಭದಲ್ಲಿ ಜಿಲ್ಲಾ ಆರೋಗ್ಯಾಧಿಕಾರಿ, ಜಿಲ್ಲಾ ಸರ್ಜನ್ ಹಾಗೂ ವೈದ್ಯಾಧಿಕಾರಿಗಳು ಉಪಸ್ಥಿತರಿದ್ದರು ಎಂದು ಪ್ರಕಟಣೆಯಲ್ಲಿ ತಿಳಿಸಿದ್ದಾರೆ.
